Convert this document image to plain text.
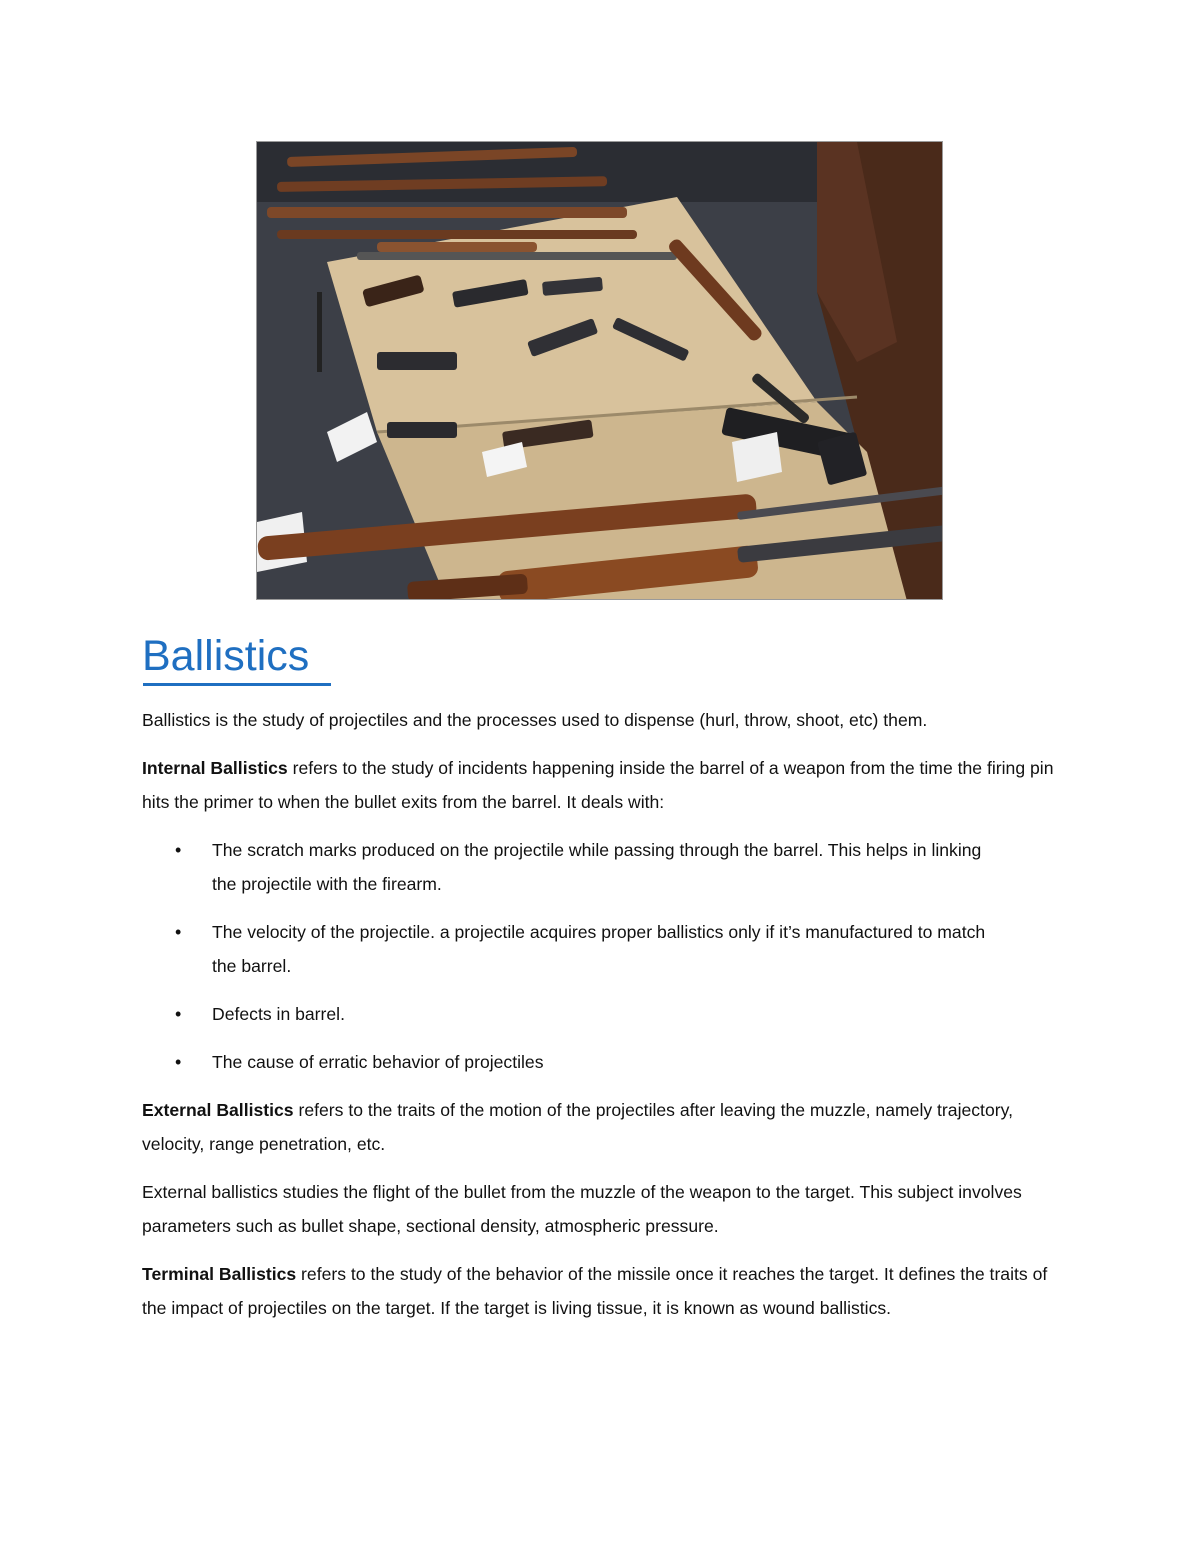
Ballistics

Ballistics is the study of projectiles and the processes used to dispense (hurl, throw, shoot, etc) them.

Internal Ballistics refers to the study of incidents happening inside the barrel of a weapon from the time the firing pin hits the primer to when the bullet exits from the barrel. It deals with:

• The scratch marks produced on the projectile while passing through the barrel. This helps in linking the projectile with the firearm.
• The velocity of the projectile. a projectile acquires proper ballistics only if it’s manufactured to match the barrel.
• Defects in barrel.
• The cause of erratic behavior of projectiles

External Ballistics refers to the traits of the motion of the projectiles after leaving the muzzle, namely trajectory, velocity, range penetration, etc.

External ballistics studies the flight of the bullet from the muzzle of the weapon to the target. This subject involves parameters such as bullet shape, sectional density, atmospheric pressure.

Terminal Ballistics refers to the study of the behavior of the missile once it reaches the target. It defines the traits of the impact of projectiles on the target. If the target is living tissue, it is known as wound ballistics.
